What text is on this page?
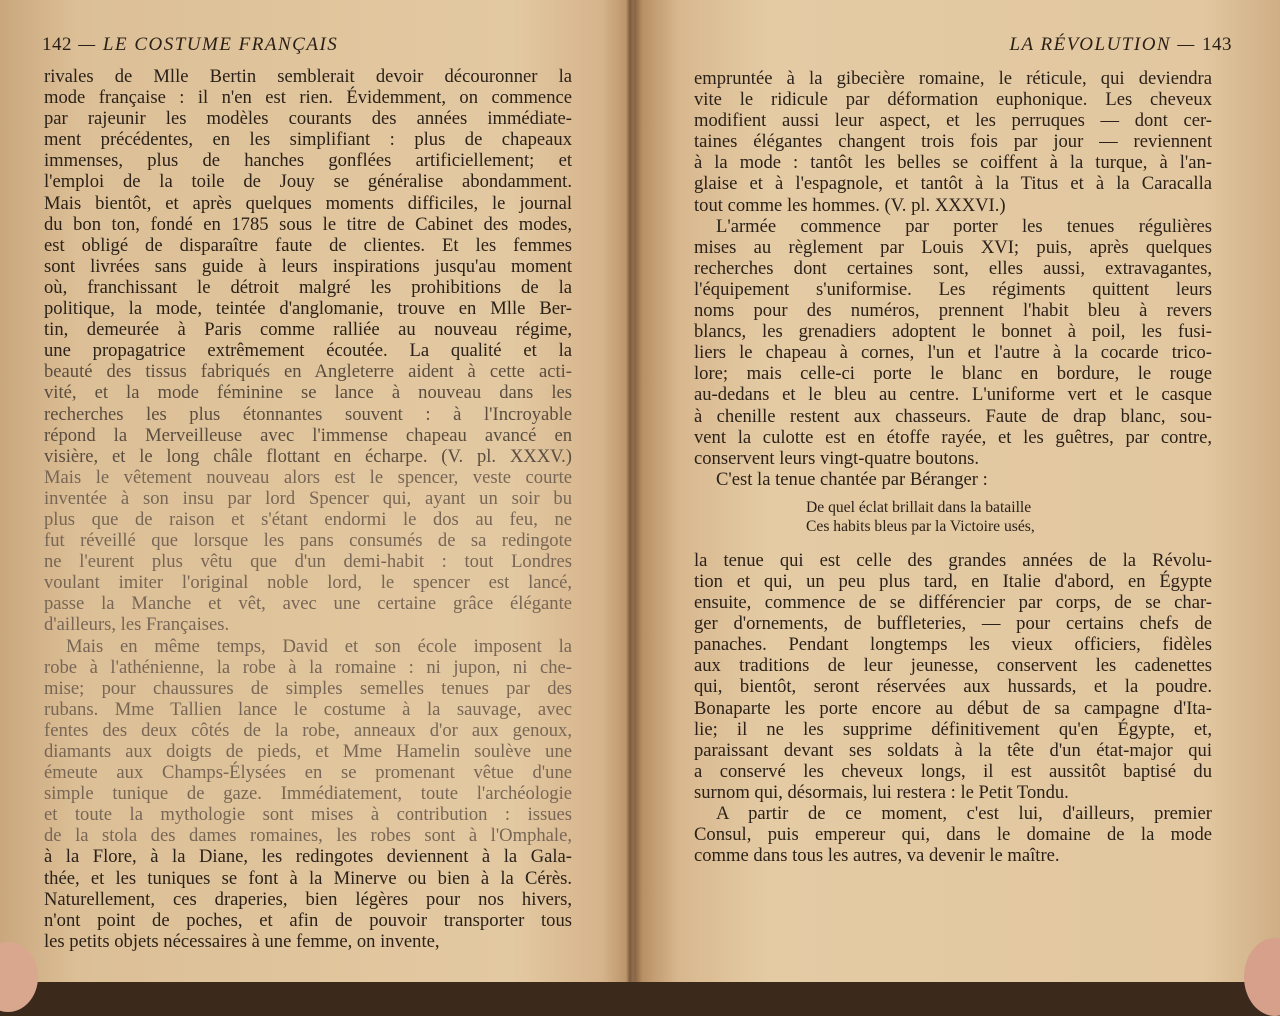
142 — LE COSTUME FRANÇAIS

rivales de Mlle Bertin semblerait devoir découronner la

mode française : il n'en est rien. Évidemment, on commence

par rajeunir les modèles courants des années immédiate-

ment précédentes, en les simplifiant : plus de chapeaux

immenses, plus de hanches gonflées artificiellement; et

l'emploi de la toile de Jouy se généralise abondamment.

Mais bientôt, et après quelques moments difficiles, le journal

du bon ton, fondé en 1785 sous le titre de Cabinet des modes,

est obligé de disparaître faute de clientes. Et les femmes

sont livrées sans guide à leurs inspirations jusqu'au moment

où, franchissant le détroit malgré les prohibitions de la

politique, la mode, teintée d'anglomanie, trouve en Mlle Ber-

tin, demeurée à Paris comme ralliée au nouveau régime,

une propagatrice extrêmement écoutée. La qualité et la

beauté des tissus fabriqués en Angleterre aident à cette acti-

vité, et la mode féminine se lance à nouveau dans les

recherches les plus étonnantes souvent : à l'Incroyable

répond la Merveilleuse avec l'immense chapeau avancé en

visière, et le long châle flottant en écharpe. (V. pl. XXXV.)

Mais le vêtement nouveau alors est le spencer, veste courte

inventée à son insu par lord Spencer qui, ayant un soir bu

plus que de raison et s'étant endormi le dos au feu, ne

fut réveillé que lorsque les pans consumés de sa redingote

ne l'eurent plus vêtu que d'un demi-habit : tout Londres

voulant imiter l'original noble lord, le spencer est lancé,

passe la Manche et vêt, avec une certaine grâce élégante

d'ailleurs, les Françaises.

Mais en même temps, David et son école imposent la

robe à l'athénienne, la robe à la romaine : ni jupon, ni che-

mise; pour chaussures de simples semelles tenues par des

rubans. Mme Tallien lance le costume à la sauvage, avec

fentes des deux côtés de la robe, anneaux d'or aux genoux,

diamants aux doigts de pieds, et Mme Hamelin soulève une

émeute aux Champs-Élysées en se promenant vêtue d'une

simple tunique de gaze. Immédiatement, toute l'archéologie

et toute la mythologie sont mises à contribution : issues

de la stola des dames romaines, les robes sont à l'Omphale,

à la Flore, à la Diane, les redingotes deviennent à la Gala-

thée, et les tuniques se font à la Minerve ou bien à la Cérès.

Naturellement, ces draperies, bien légères pour nos hivers,

n'ont point de poches, et afin de pouvoir transporter tous

les petits objets nécessaires à une femme, on invente,

LA RÉVOLUTION — 143

empruntée à la gibecière romaine, le réticule, qui deviendra

vite le ridicule par déformation euphonique. Les cheveux

modifient aussi leur aspect, et les perruques — dont cer-

taines élégantes changent trois fois par jour — reviennent

à la mode : tantôt les belles se coiffent à la turque, à l'an-

glaise et à l'espagnole, et tantôt à la Titus et à la Caracalla

tout comme les hommes. (V. pl. XXXVI.)

L'armée commence par porter les tenues régulières

mises au règlement par Louis XVI; puis, après quelques

recherches dont certaines sont, elles aussi, extravagantes,

l'équipement s'uniformise. Les régiments quittent leurs

noms pour des numéros, prennent l'habit bleu à revers

blancs, les grenadiers adoptent le bonnet à poil, les fusi-

liers le chapeau à cornes, l'un et l'autre à la cocarde trico-

lore; mais celle-ci porte le blanc en bordure, le rouge

au-dedans et le bleu au centre. L'uniforme vert et le casque

à chenille restent aux chasseurs. Faute de drap blanc, sou-

vent la culotte est en étoffe rayée, et les guêtres, par contre,

conservent leurs vingt-quatre boutons.

C'est la tenue chantée par Béranger :

De quel éclat brillait dans la bataille
Ces habits bleus par la Victoire usés,

la tenue qui est celle des grandes années de la Révolu-

tion et qui, un peu plus tard, en Italie d'abord, en Égypte

ensuite, commence de se différencier par corps, de se char-

ger d'ornements, de buffleteries, — pour certains chefs de

panaches. Pendant longtemps les vieux officiers, fidèles

aux traditions de leur jeunesse, conservent les cadenettes

qui, bientôt, seront réservées aux hussards, et la poudre.

Bonaparte les porte encore au début de sa campagne d'Ita-

lie; il ne les supprime définitivement qu'en Égypte, et,

paraissant devant ses soldats à la tête d'un état-major qui

a conservé les cheveux longs, il est aussitôt baptisé du

surnom qui, désormais, lui restera : le Petit Tondu.

A partir de ce moment, c'est lui, d'ailleurs, premier

Consul, puis empereur qui, dans le domaine de la mode

comme dans tous les autres, va devenir le maître.
